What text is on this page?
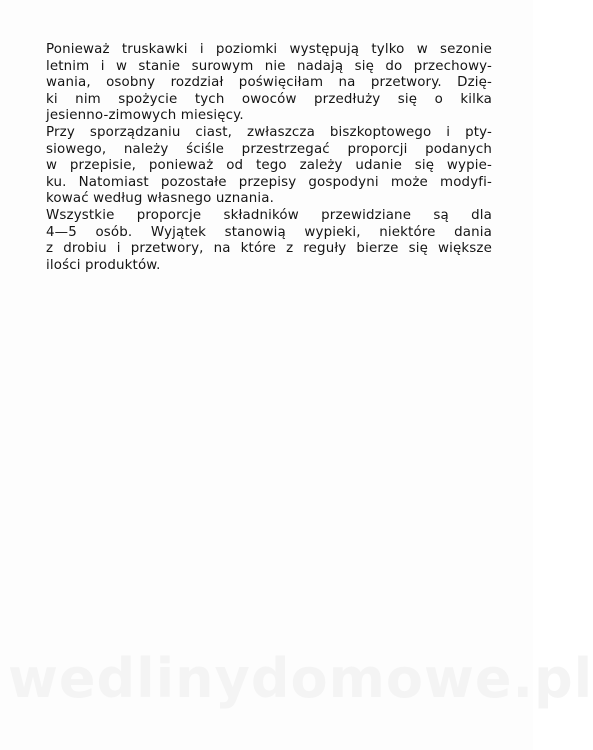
Ponieważ truskawki i poziomki występują tylko w sezonie
letnim i w stanie surowym nie nadają się do przechowy-
wania, osobny rozdział poświęciłam na przetwory. Dzię-
ki nim spożycie tych owoców przedłuży się o kilka
jesienno-zimowych miesięcy.
Przy sporządzaniu ciast, zwłaszcza biszkoptowego i pty-
siowego, należy ściśle przestrzegać proporcji podanych
w przepisie, ponieważ od tego zależy udanie się wypie-
ku. Natomiast pozostałe przepisy gospodyni może modyfi-
kować według własnego uznania.
Wszystkie proporcje składników przewidziane są dla
4—5 osób. Wyjątek stanowią wypieki, niektóre dania
z drobiu i przetwory, na które z reguły bierze się większe
ilości produktów.
wedlinydomowe.pl
